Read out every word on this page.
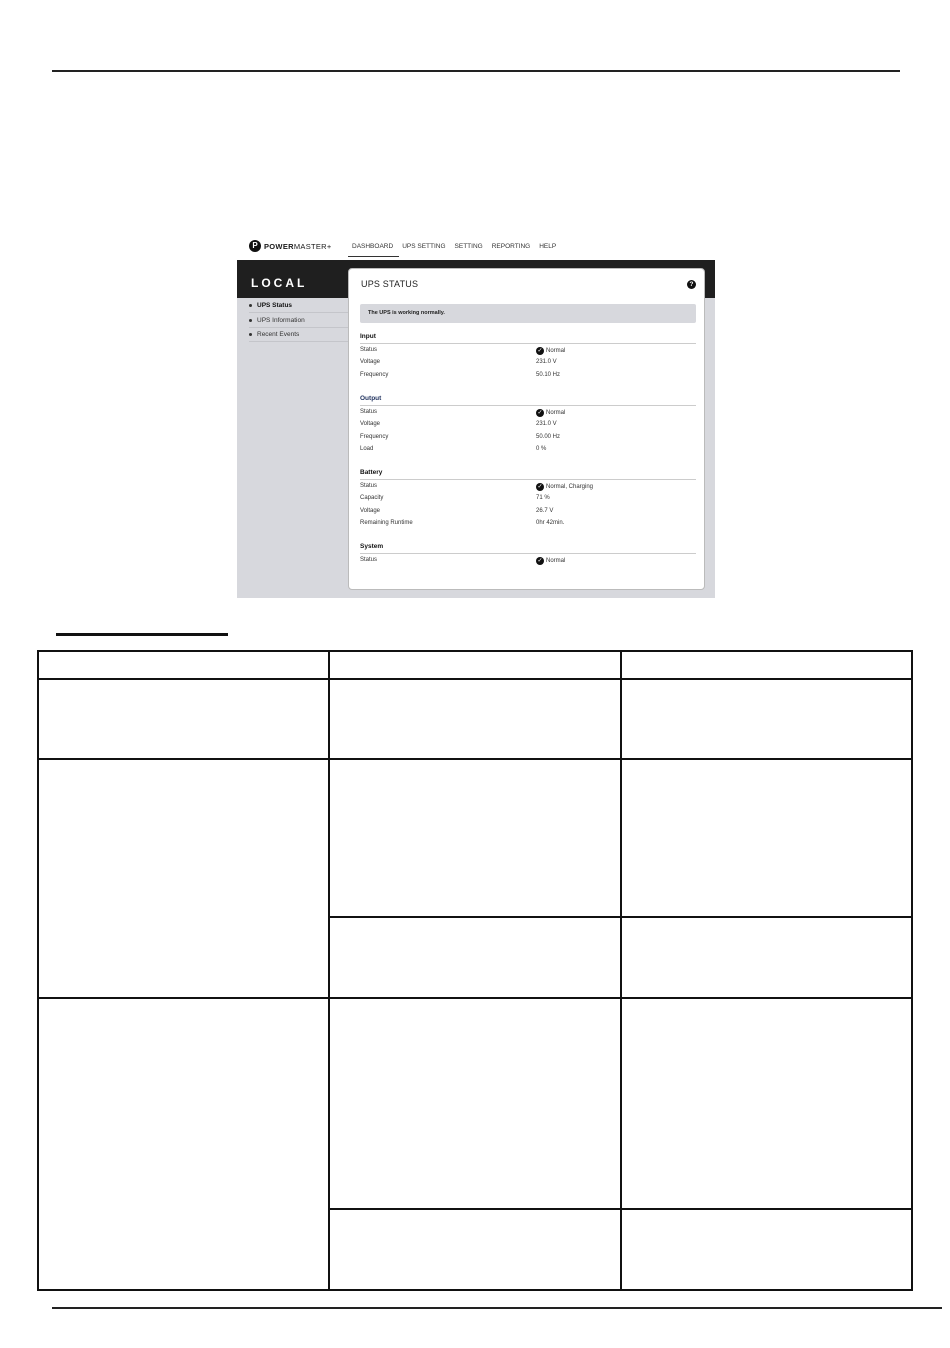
P POWERMASTER+	DASHBOARD	UPS SETTING	SETTING	REPORTING	HELP
LOCAL
UPS Status
UPS Information
Recent Events
UPS STATUS	?
The UPS is working normally.
Input
Status	✓ Normal
Voltage	231.0 V
Frequency	50.10 Hz
Output
Status	✓ Normal
Voltage	231.0 V
Frequency	50.00 Hz
Load	0 %
Battery
Status	✓ Normal, Charging
Capacity	71 %
Voltage	26.7 V
Remaining Runtime	0hr 42min.
System
Status	✓ Normal
